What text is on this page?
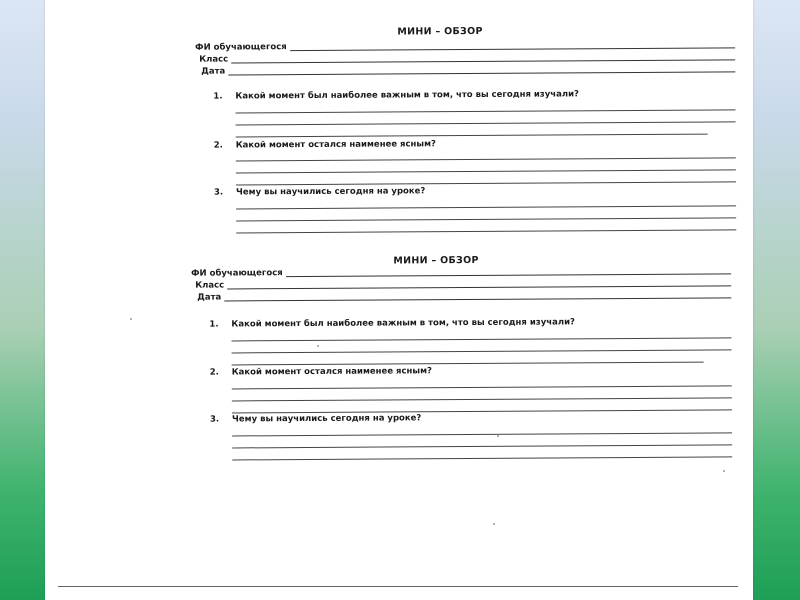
МИНИ – ОБЗОР
ФИ обучающегося
Класс
Дата
1. Какой момент был наиболее важным в том, что вы сегодня изучали?
2. Какой момент остался наименее ясным?
3. Чему вы научились сегодня на уроке?
МИНИ – ОБЗОР
ФИ обучающегося
Класс
Дата
1. Какой момент был наиболее важным в том, что вы сегодня изучали?
2. Какой момент остался наименее ясным?
3. Чему вы научились сегодня на уроке?
